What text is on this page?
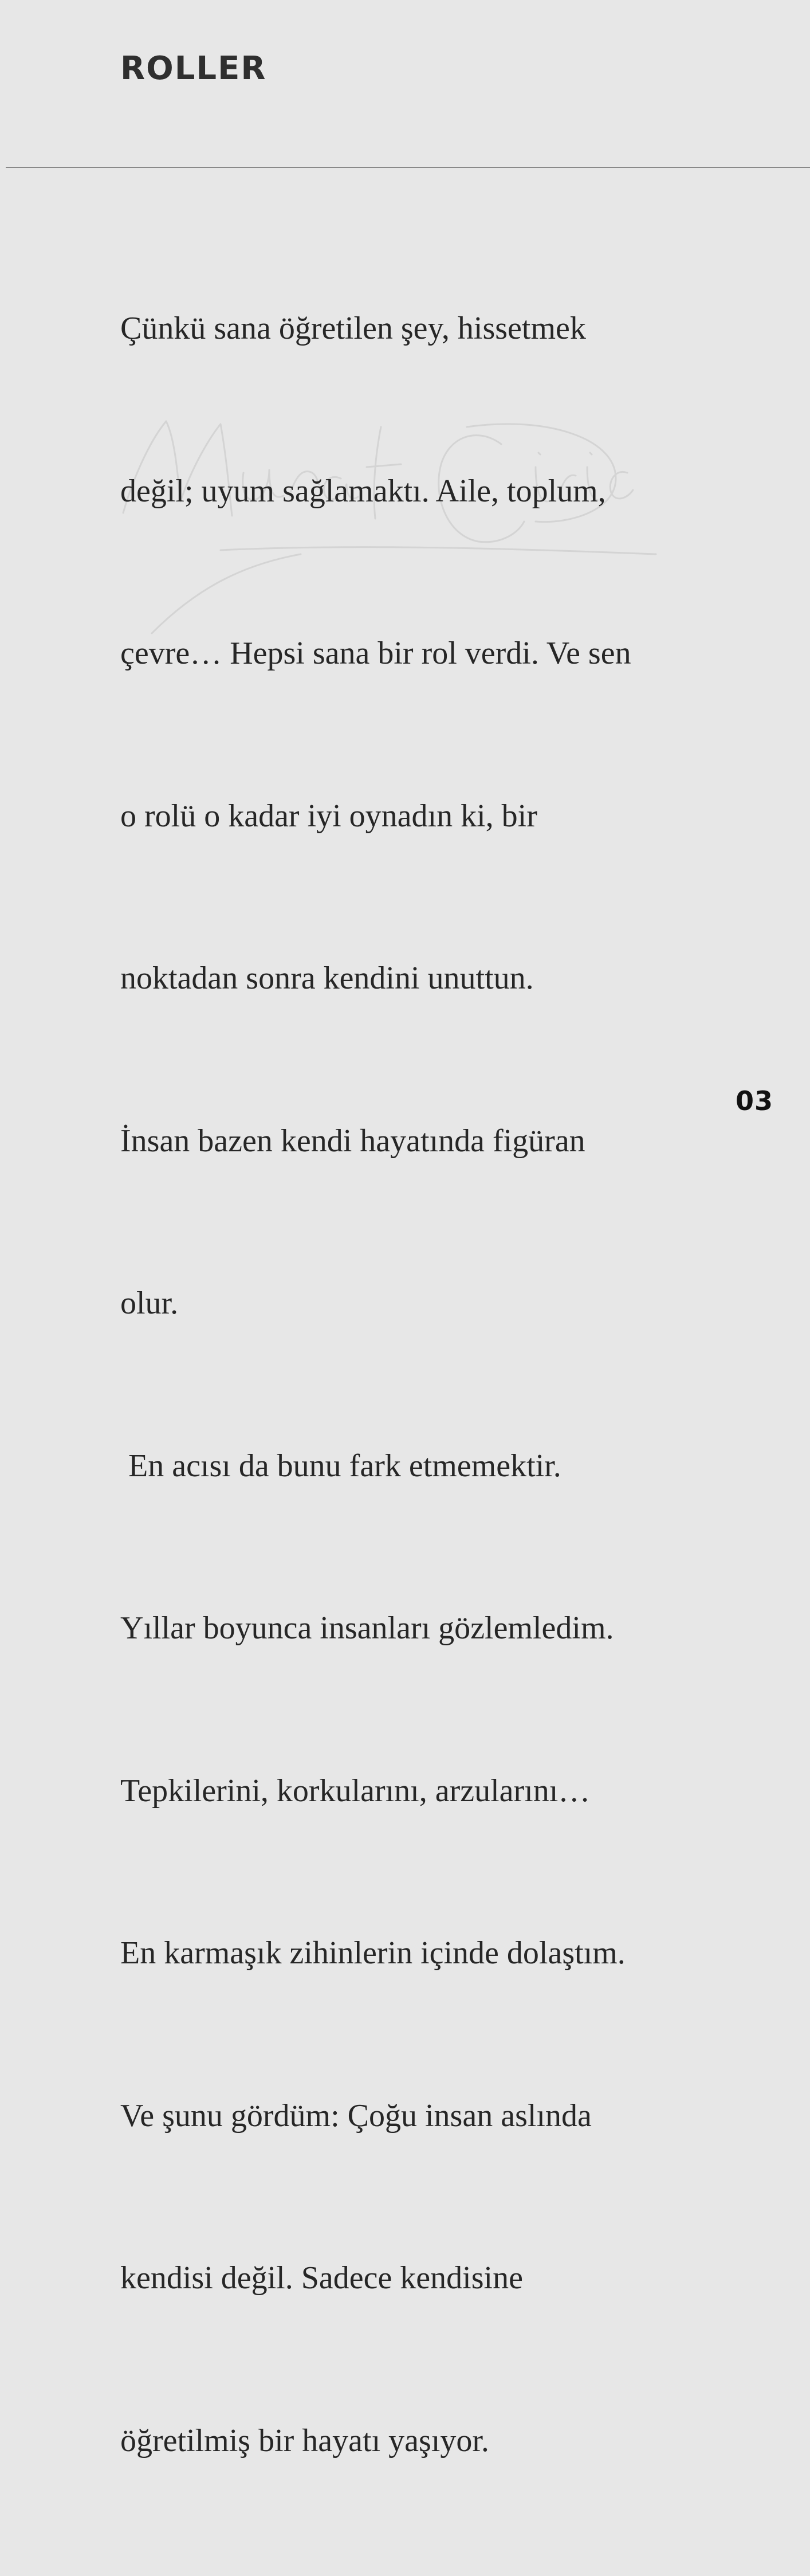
ROLLER

Çünkü sana öğretilen şey, hissetmek

değil; uyum sağlamaktı. Aile, toplum,

çevre… Hepsi sana bir rol verdi. Ve sen

o rolü o kadar iyi oynadın ki, bir

noktadan sonra kendini unuttun.

İnsan bazen kendi hayatında figüran

olur.

En acısı da bunu fark etmemektir.

Yıllar boyunca insanları gözlemledim.

Tepkilerini, korkularını, arzularını…

En karmaşık zihinlerin içinde dolaştım.

Ve şunu gördüm: Çoğu insan aslında

kendisi değil. Sadece kendisine

öğretilmiş bir hayatı yaşıyor.

03
